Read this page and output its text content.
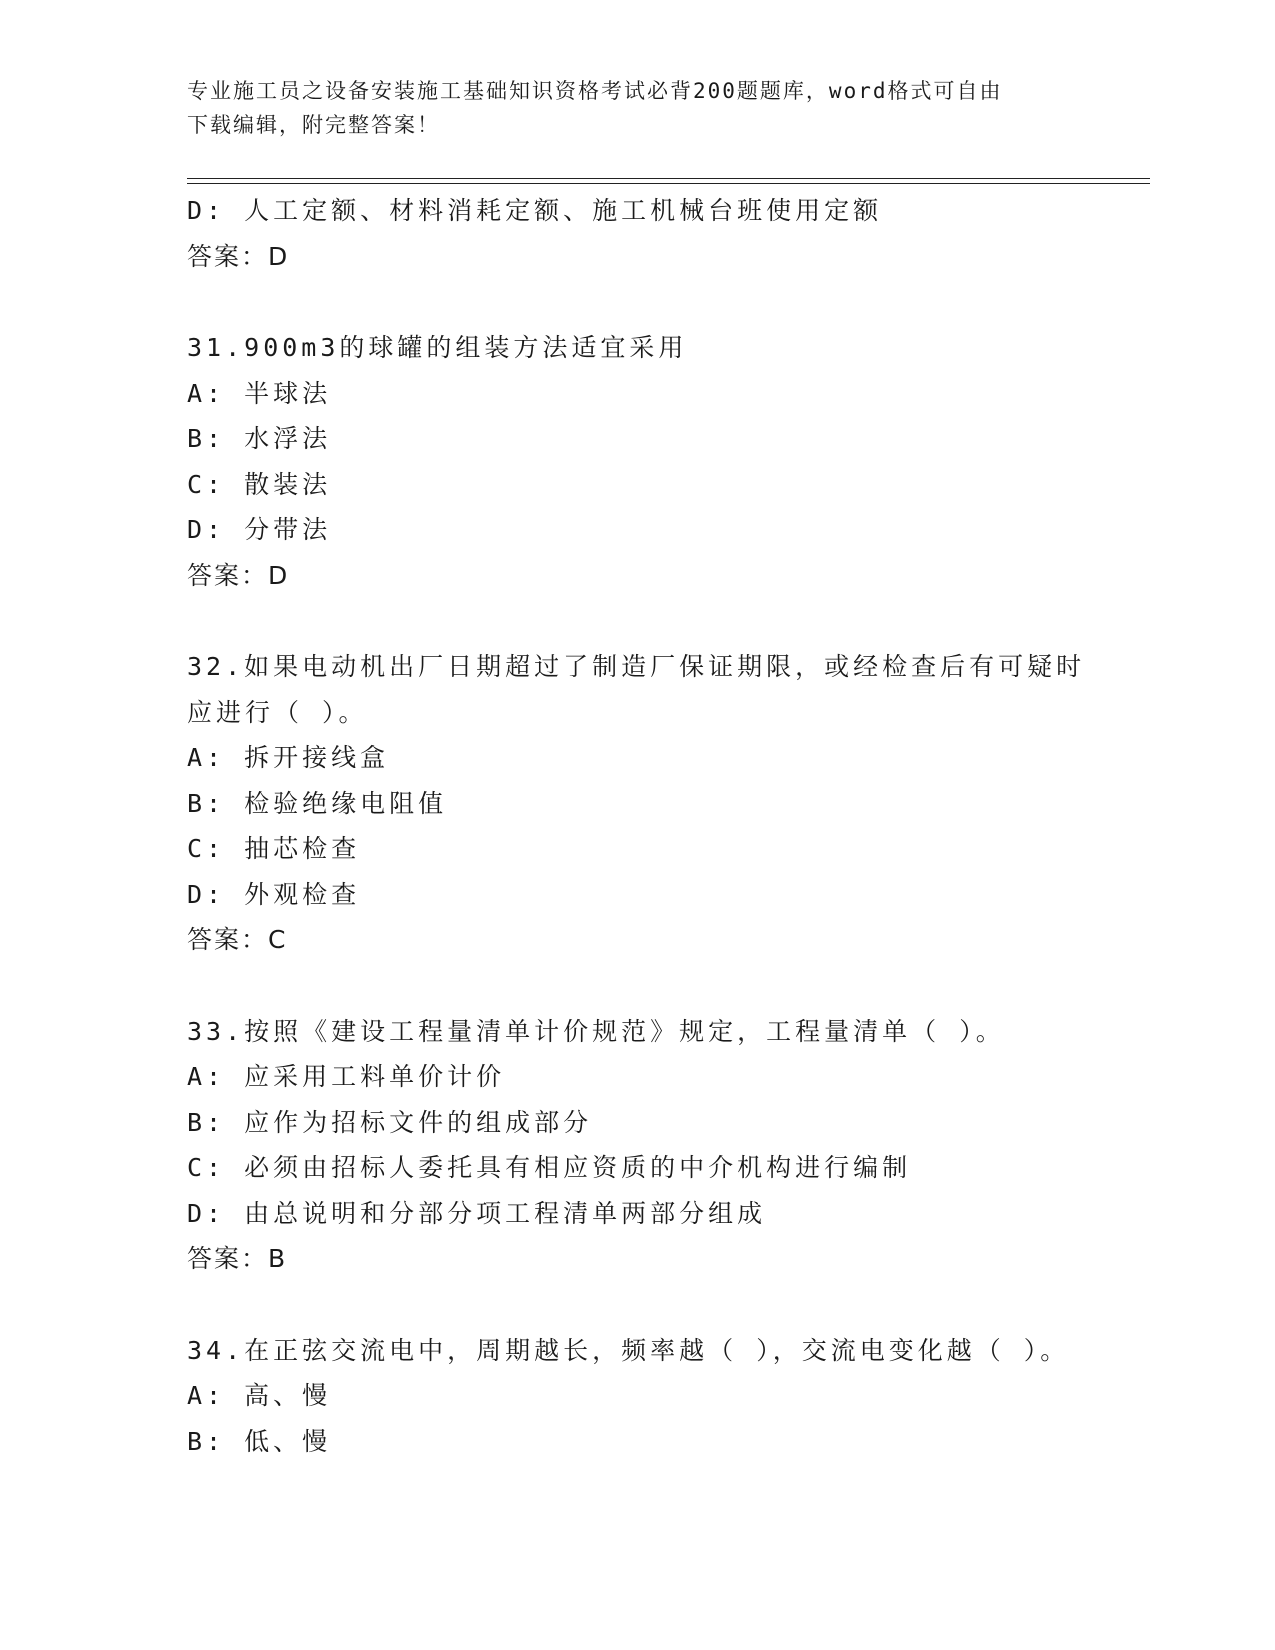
专业施工员之设备安装施工基础知识资格考试必背200题题库，word格式可自由
下载编辑，附完整答案！
D: 人工定额、材料消耗定额、施工机械台班使用定额
答案：D
31.900m3的球罐的组装方法适宜采用
A: 半球法
B: 水浮法
C: 散装法
D: 分带法
答案：D
32.如果电动机出厂日期超过了制造厂保证期限，或经检查后有可疑时
应进行（ ）。
A: 拆开接线盒
B: 检验绝缘电阻值
C: 抽芯检查
D: 外观检查
答案：C
33.按照《建设工程量清单计价规范》规定，工程量清单（ ）。
A: 应采用工料单价计价
B: 应作为招标文件的组成部分
C: 必须由招标人委托具有相应资质的中介机构进行编制
D: 由总说明和分部分项工程清单两部分组成
答案：B
34.在正弦交流电中，周期越长，频率越（ ），交流电变化越（ ）。
A: 高、慢
B: 低、慢
